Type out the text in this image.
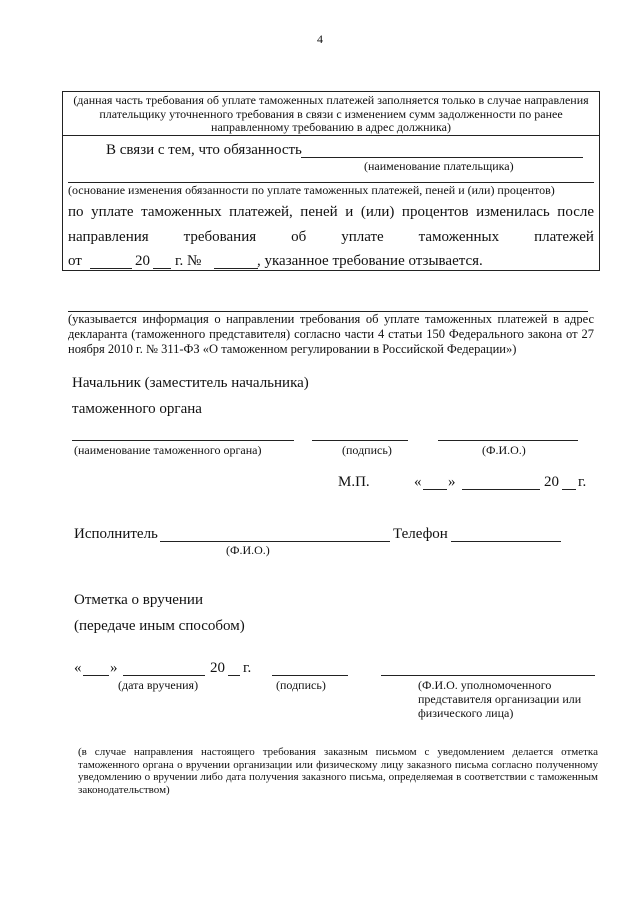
4
(данная часть требования об уплате таможенных платежей заполняется только в случае направления плательщику уточненного требования в связи с изменением сумм задолженности по ранее направленному требованию в адрес должника)
В связи с тем, что обязанность
(наименование плательщика)
(основание изменения обязанности по уплате таможенных платежей, пеней и (или) процентов)
по уплате таможенных платежей, пеней и (или) процентов изменилась после
направления требования об уплате таможенных платежей
от	20 г. №	, указанное требование отзывается.
(указывается информация о направлении требования об уплате таможенных платежей в адрес декларанта (таможенного представителя) согласно части 4 статьи 150 Федерального закона от 27 ноября 2010 г. № 311-ФЗ «О таможенном регулировании в Российской Федерации»)
Начальник (заместитель начальника)
таможенного органа
(наименование таможенного органа)	(подпись)	(Ф.И.О.)
М.П.	« »	20 г.
Исполнитель
(Ф.И.О.)
Телефон
Отметка о вручении
(передаче иным способом)
« »	20 г.
(дата вручения)	(подпись)	(Ф.И.О. уполномоченного представителя организации или физического лица)
(в случае направления настоящего требования заказным письмом с уведомлением делается отметка таможенного органа о вручении организации или физическому лицу заказного письма согласно полученному уведомлению о вручении либо дата получения заказного письма, определяемая в соответствии с таможенным законодательством)
